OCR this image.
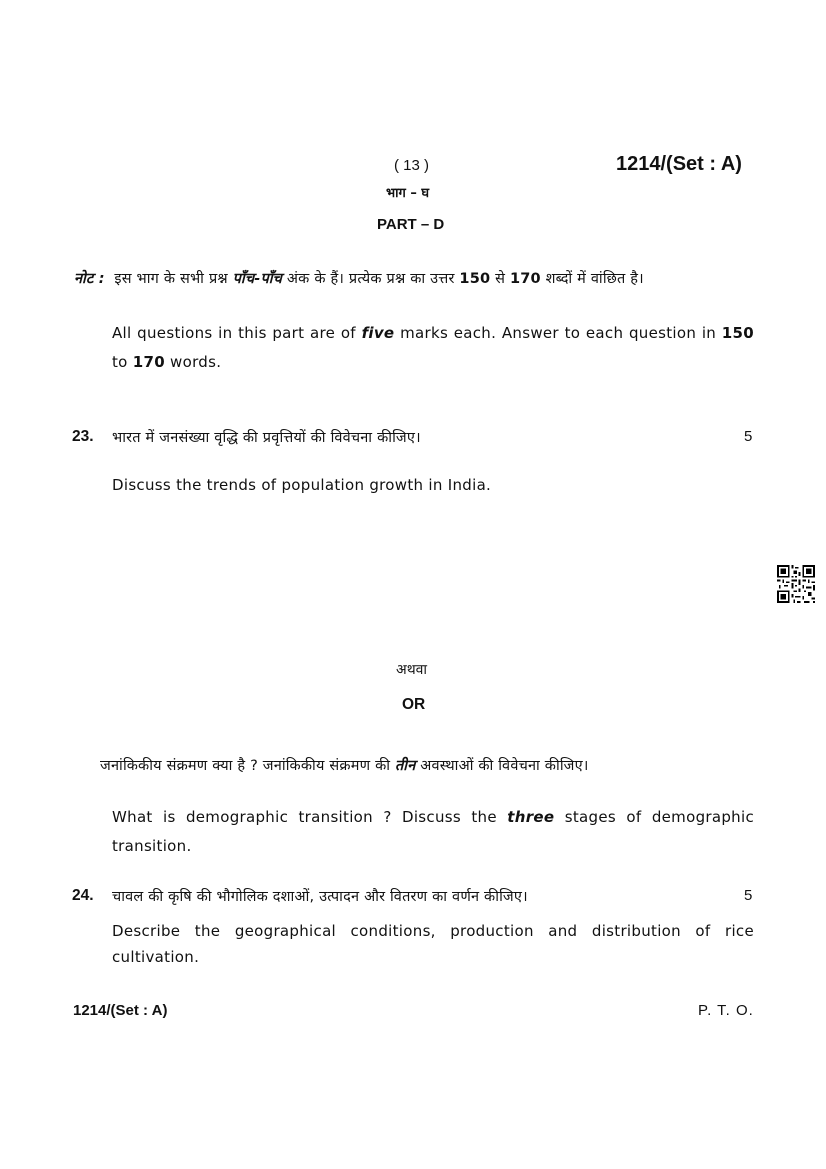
( 13 )	1214/(Set : A)
भाग – घ
PART – D
नोट : इस भाग के सभी प्रश्न पाँच-पाँच अंक के हैं। प्रत्येक प्रश्न का उत्तर 150 से 170 शब्दों में वांछित है।

All questions in this part are of five marks each. Answer to each question in 150 to 170 words.

23. भारत में जनसंख्या वृद्धि की प्रवृत्तियों की विवेचना कीजिए।	5
Discuss the trends of population growth in India.
अथवा
OR
जनांकिकीय संक्रमण क्या है ? जनांकिकीय संक्रमण की तीन अवस्थाओं की विवेचना कीजिए।

What is demographic transition ? Discuss the three stages of demographic transition.

24. चावल की कृषि की भौगोलिक दशाओं, उत्पादन और वितरण का वर्णन कीजिए।	5

Describe the geographical conditions, production and distribution of rice cultivation.

1214/(Set : A)	P. T. O.
